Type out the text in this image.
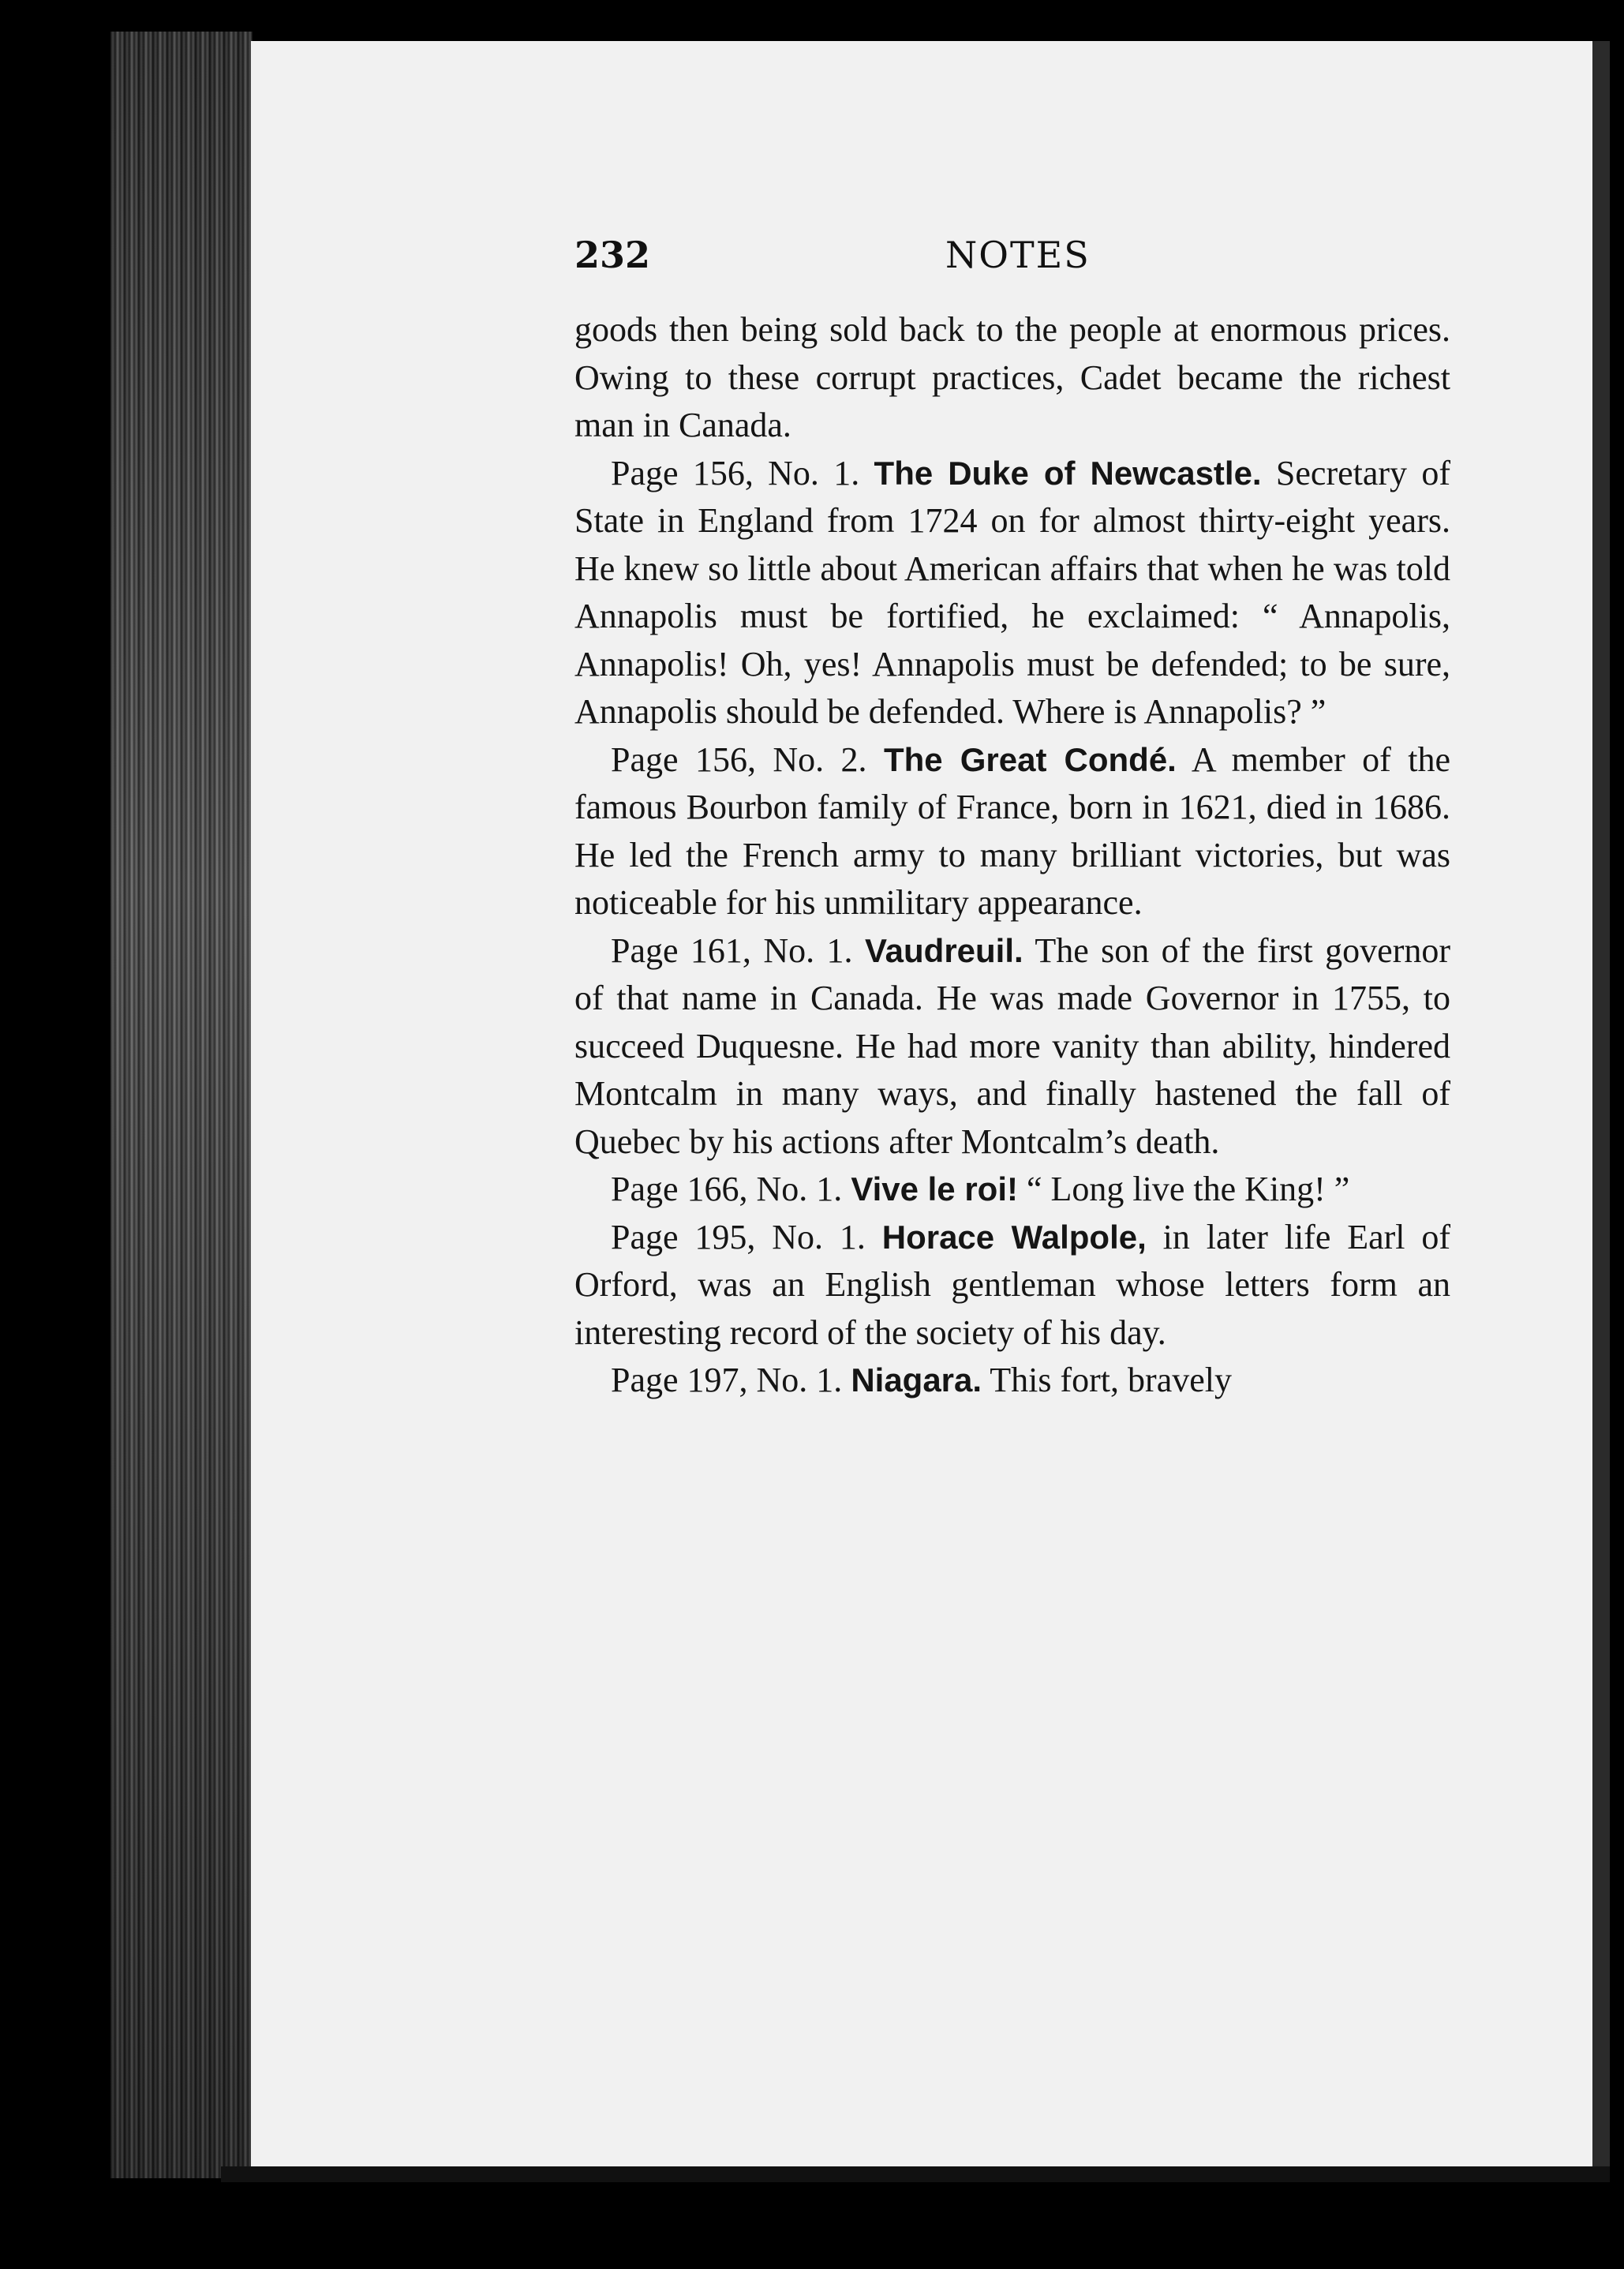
232	NOTES

goods then being sold back to the people at enormous prices. Owing to these corrupt practices, Cadet became the richest man in Canada.

Page 156, No. 1. The Duke of Newcastle. Secretary of State in England from 1724 on for almost thirty-eight years. He knew so little about American affairs that when he was told Annapolis must be fortified, he exclaimed: “ Annapolis, Annapolis! Oh, yes! Annapolis must be defended; to be sure, Annapolis should be defended. Where is Annapolis? ”

Page 156, No. 2. The Great Condé. A member of the famous Bourbon family of France, born in 1621, died in 1686. He led the French army to many brilliant victories, but was noticeable for his unmilitary appearance.

Page 161, No. 1. Vaudreuil. The son of the first governor of that name in Canada. He was made Governor in 1755, to succeed Duquesne. He had more vanity than ability, hindered Montcalm in many ways, and finally hastened the fall of Quebec by his actions after Montcalm’s death.

Page 166, No. 1. Vive le roi! “ Long live the King! ”

Page 195, No. 1. Horace Walpole, in later life Earl of Orford, was an English gentleman whose letters form an interesting record of the society of his day.

Page 197, No. 1. Niagara. This fort, bravely
